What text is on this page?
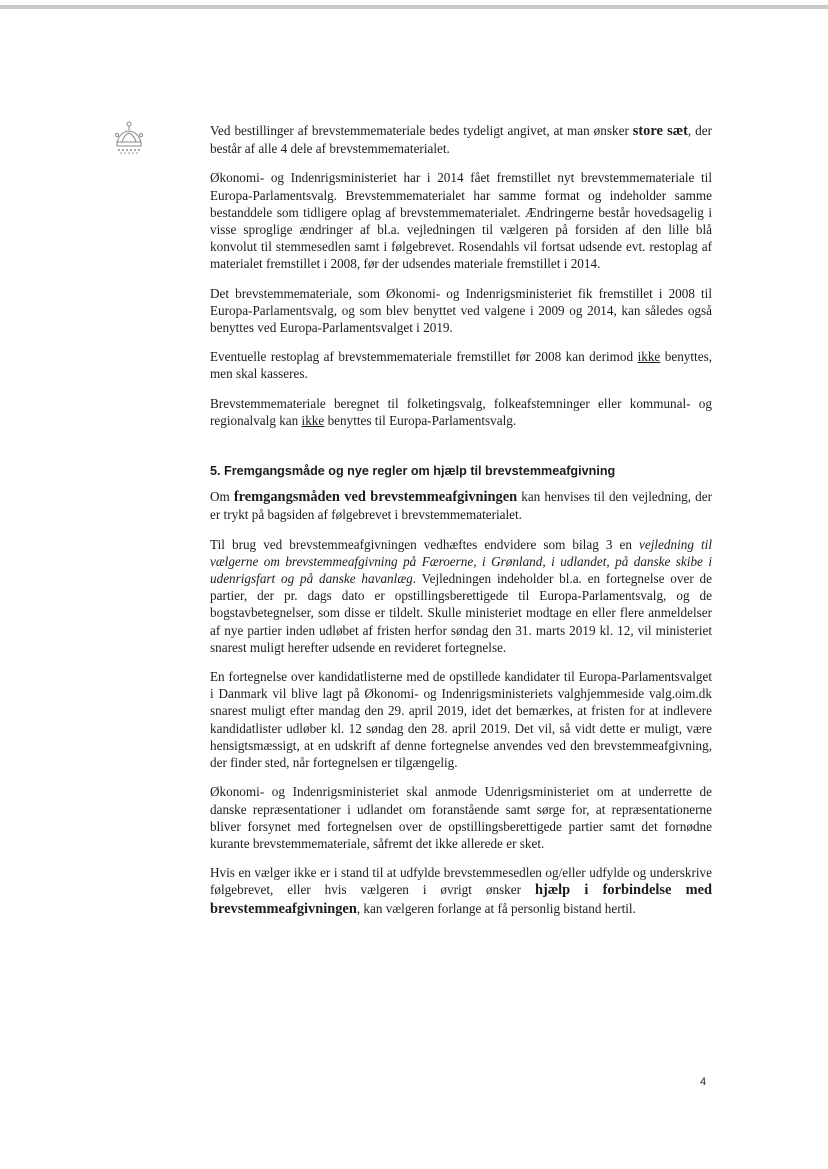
Ved bestillinger af brevstemmemateriale bedes tydeligt angivet, at man ønsker store sæt, der består af alle 4 dele af brevstemmematerialet.

Økonomi- og Indenrigsministeriet har i 2014 fået fremstillet nyt brevstemmemateriale til Europa-Parlamentsvalg. Brevstemmematerialet har samme format og indeholder samme bestanddele som tidligere oplag af brevstemmematerialet. Ændringerne består hovedsagelig i visse sproglige ændringer af bl.a. vejledningen til vælgeren på forsiden af den lille blå konvolut til stemmesedlen samt i følgebrevet. Rosendahls vil fortsat udsende evt. restoplag af materialet fremstillet i 2008, før der udsendes materiale fremstillet i 2014.

Det brevstemmemateriale, som Økonomi- og Indenrigsministeriet fik fremstillet i 2008 til Europa-Parlamentsvalg, og som blev benyttet ved valgene i 2009 og 2014, kan således også benyttes ved Europa-Parlamentsvalget i 2019.

Eventuelle restoplag af brevstemmemateriale fremstillet før 2008 kan derimod ikke benyttes, men skal kasseres.

Brevstemmemateriale beregnet til folketingsvalg, folkeafstemninger eller kommunal- og regionalvalg kan ikke benyttes til Europa-Parlamentsvalg.

5. Fremgangsmåde og nye regler om hjælp til brevstemmeafgivning

Om fremgangsmåden ved brevstemmeafgivningen kan henvises til den vejledning, der er trykt på bagsiden af følgebrevet i brevstemmematerialet.

Til brug ved brevstemmeafgivningen vedhæftes endvidere som bilag 3 en vejledning til vælgerne om brevstemmeafgivning på Færoerne, i Grønland, i udlandet, på danske skibe i udenrigsfart og på danske havanlæg. Vejledningen indeholder bl.a. en fortegnelse over de partier, der pr. dags dato er opstillingsberettigede til Europa-Parlamentsvalg, og de bogstavbetegnelser, som disse er tildelt. Skulle ministeriet modtage en eller flere anmeldelser af nye partier inden udløbet af fristen herfor søndag den 31. marts 2019 kl. 12, vil ministeriet snarest muligt herefter udsende en revideret fortegnelse.

En fortegnelse over kandidatlisterne med de opstillede kandidater til Europa-Parlamentsvalget i Danmark vil blive lagt på Økonomi- og Indenrigsministeriets valghjemmeside valg.oim.dk snarest muligt efter mandag den 29. april 2019, idet det bemærkes, at fristen for at indlevere kandidatlister udløber kl. 12 søndag den 28. april 2019. Det vil, så vidt dette er muligt, være hensigtsmæssigt, at en udskrift af denne fortegnelse anvendes ved den brevstemmeafgivning, der finder sted, når fortegnelsen er tilgængelig.

Økonomi- og Indenrigsministeriet skal anmode Udenrigsministeriet om at underrette de danske repræsentationer i udlandet om foranstående samt sørge for, at repræsentationerne bliver forsynet med fortegnelsen over de opstillingsberettigede partier samt det fornødne kurante brevstemmemateriale, såfremt det ikke allerede er sket.

Hvis en vælger ikke er i stand til at udfylde brevstemmesedlen og/eller udfylde og underskrive følgebrevet, eller hvis vælgeren i øvrigt ønsker hjælp i forbindelse med brevstemmeafgivningen, kan vælgeren forlange at få personlig bistand hertil.

4
